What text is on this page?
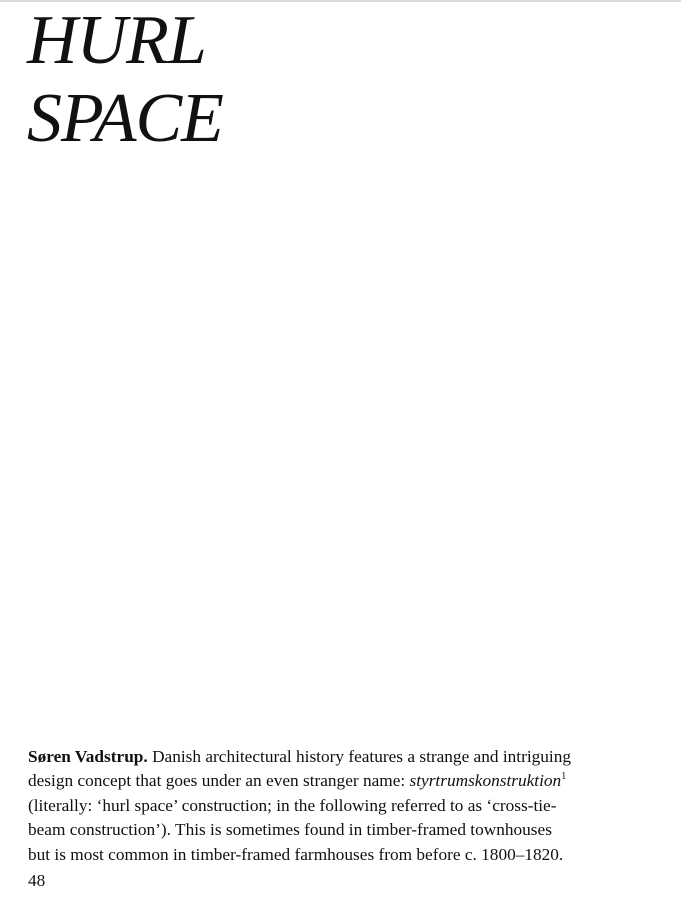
HURL
SPACE
Søren Vadstrup. Danish architectural history features a strange and intriguing
design concept that goes under an even stranger name: styrtrumskonstruktion$^1$
(literally: ‘hurl space’ construction; in the following referred to as ‘cross-tie-
beam construction’). This is sometimes found in timber-framed townhouses
but is most common in timber-framed farmhouses from before c. 1800–1820.
48
